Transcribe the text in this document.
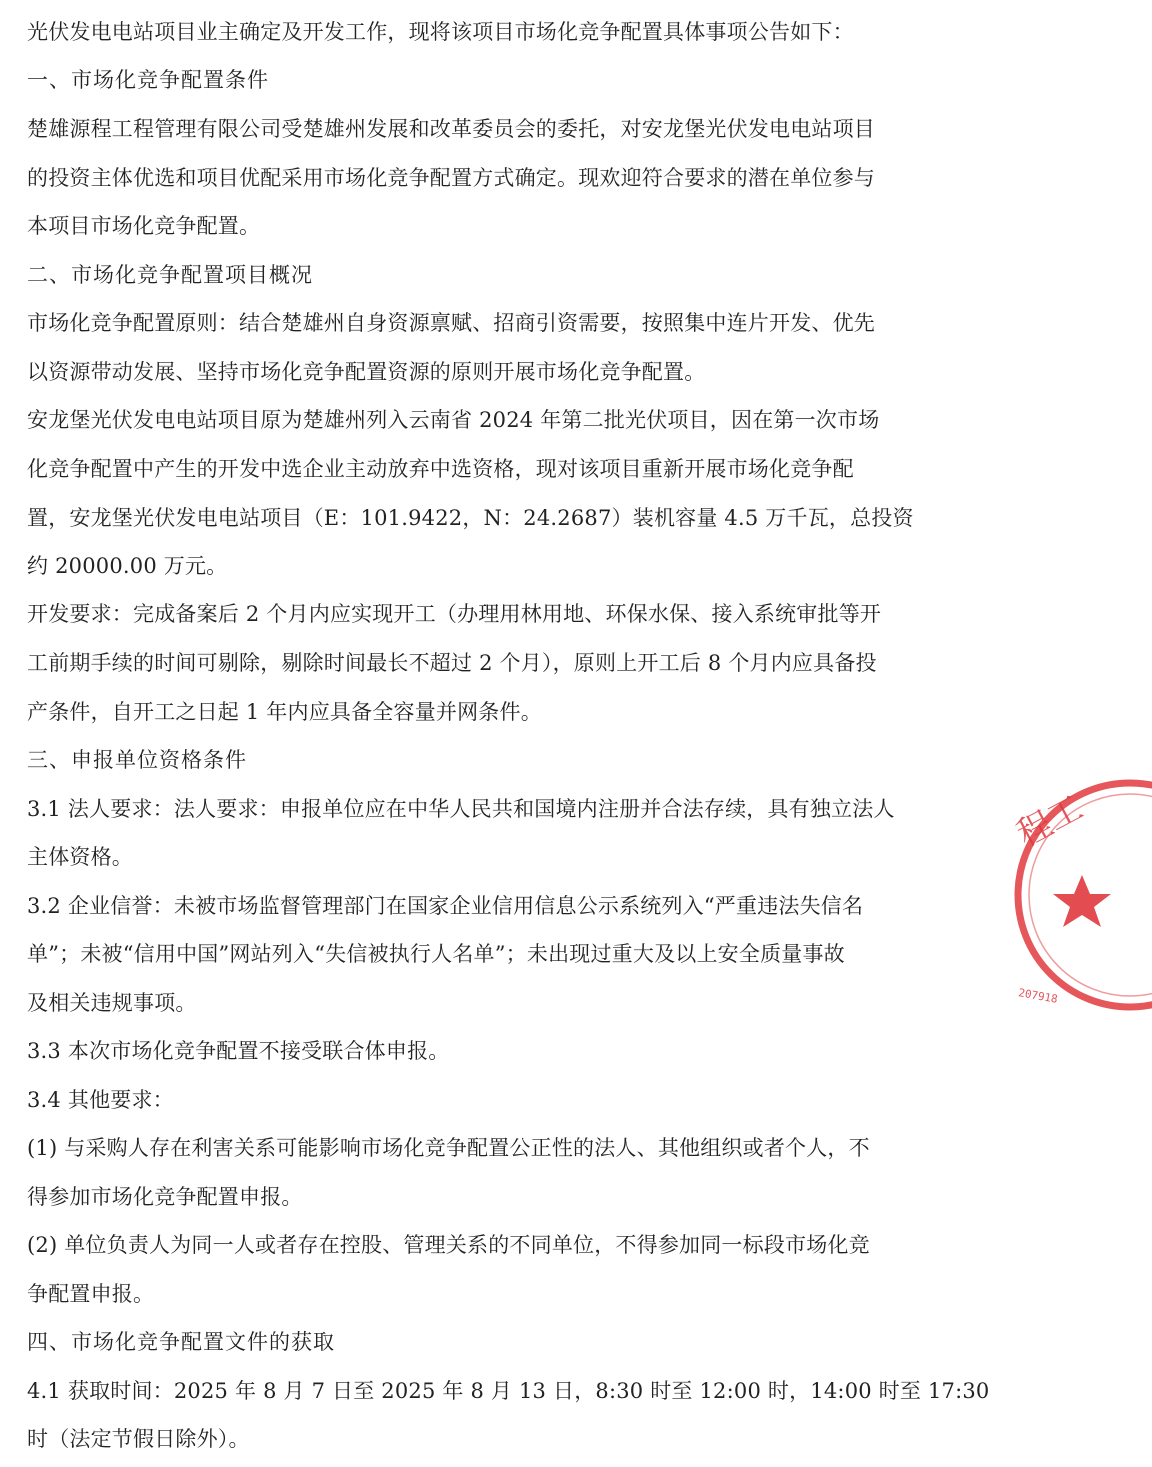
光伏发电电站项目业主确定及开发工作，现将该项目市场化竞争配置具体事项公告如下：
一、市场化竞争配置条件
楚雄源程工程管理有限公司受楚雄州发展和改革委员会的委托，对安龙堡光伏发电电站项目
的投资主体优选和项目优配采用市场化竞争配置方式确定。现欢迎符合要求的潜在单位参与
本项目市场化竞争配置。
二、市场化竞争配置项目概况
市场化竞争配置原则：结合楚雄州自身资源禀赋、招商引资需要，按照集中连片开发、优先
以资源带动发展、坚持市场化竞争配置资源的原则开展市场化竞争配置。
安龙堡光伏发电电站项目原为楚雄州列入云南省 2024 年第二批光伏项目，因在第一次市场
化竞争配置中产生的开发中选企业主动放弃中选资格，现对该项目重新开展市场化竞争配
置，安龙堡光伏发电电站项目（E：101.9422，N：24.2687）装机容量 4.5 万千瓦，总投资
约 20000.00 万元。
开发要求：完成备案后 2 个月内应实现开工（办理用林用地、环保水保、接入系统审批等开
工前期手续的时间可剔除，剔除时间最长不超过 2 个月），原则上开工后 8 个月内应具备投
产条件，自开工之日起 1 年内应具备全容量并网条件。
三、申报单位资格条件
3.1 法人要求：法人要求：申报单位应在中华人民共和国境内注册并合法存续，具有独立法人
主体资格。
3.2 企业信誉：未被市场监督管理部门在国家企业信用信息公示系统列入“严重违法失信名
单”；未被“信用中国”网站列入“失信被执行人名单”；未出现过重大及以上安全质量事故
及相关违规事项。
3.3 本次市场化竞争配置不接受联合体申报。
3.4 其他要求：
(1) 与采购人存在利害关系可能影响市场化竞争配置公正性的法人、其他组织或者个人，不
得参加市场化竞争配置申报。
(2) 单位负责人为同一人或者存在控股、管理关系的不同单位，不得参加同一标段市场化竞
争配置申报。
四、市场化竞争配置文件的获取
4.1 获取时间：2025 年 8 月 7 日至 2025 年 8 月 13 日，8:30 时至 12:00 时，14:00 时至 17:30
时（法定节假日除外）。
程工
207918
